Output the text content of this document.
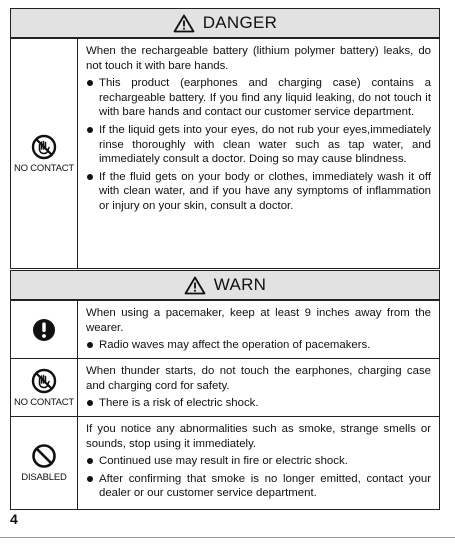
DANGER
NO CONTACT

When the rechargeable battery (lithium polymer battery) leaks, do not touch it with bare hands.

This product (earphones and charging case) contains a rechargeable battery. If you find any liquid leaking, do not touch it with bare hands and contact our customer service department.
If the liquid gets into your eyes, do not rub your eyes,immediately rinse thoroughly with clean water such as tap water, and immediately consult a doctor. Doing so may cause blindness.
If the fluid gets on your body or clothes, immediately wash it off with clean water, and if you have any symptoms of inflammation or injury on your skin, consult a doctor.
WARN

When using a pacemaker, keep at least 9 inches away from the wearer.

Radio waves may affect the operation of pacemakers.
NO CONTACT

When thunder starts, do not touch the earphones, charging case and charging cord for safety.

There is a risk of electric shock.
DISABLED

If you notice any abnormalities such as smoke, strange smells or sounds, stop using it immediately.

Continued use may result in fire or electric shock.
After confirming that smoke is no longer emitted, contact your dealer or our customer service department.
4
